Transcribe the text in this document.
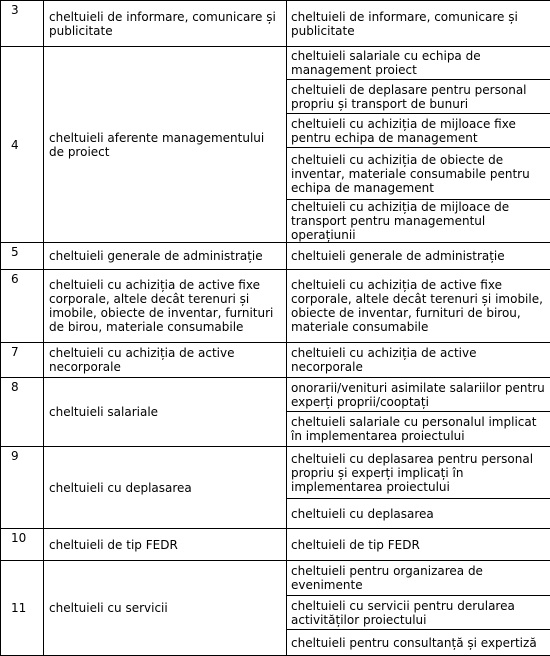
3	cheltuieli de informare, comunicare și publicitate	cheltuieli de informare, comunicare și publicitate

4	cheltuieli aferente managementului de proiect	cheltuieli salariale cu echipa de management proiect

		cheltuieli de deplasare pentru personal propriu și transport de bunuri

		cheltuieli cu achiziția de mijloace fixe pentru echipa de management

		cheltuieli cu achiziția de obiecte de inventar, materiale consumabile pentru echipa de management

		cheltuieli cu achiziția de mijloace de transport pentru managementul operațiunii

5	cheltuieli generale de administrație	cheltuieli generale de administrație

6	cheltuieli cu achiziția de active fixe corporale, altele decât terenuri și imobile, obiecte de inventar, furnituri de birou, materiale consumabile	cheltuieli cu achiziția de active fixe corporale, altele decât terenuri și imobile, obiecte de inventar, furnituri de birou, materiale consumabile

7	cheltuieli cu achiziția de active necorporale	cheltuieli cu achiziția de active necorporale

8	cheltuieli salariale	onorarii/venituri asimilate salariilor pentru experți proprii/cooptați

		cheltuieli salariale cu personalul implicat în implementarea proiectului

9	cheltuieli cu deplasarea	cheltuieli cu deplasarea pentru personal propriu și experți implicați în implementarea proiectului

		cheltuieli cu deplasarea

10	cheltuieli de tip FEDR	cheltuieli de tip FEDR

11	cheltuieli cu servicii	cheltuieli pentru organizarea de evenimente

		cheltuieli cu servicii pentru derularea activităților proiectului

		cheltuieli pentru consultanță și expertiză
